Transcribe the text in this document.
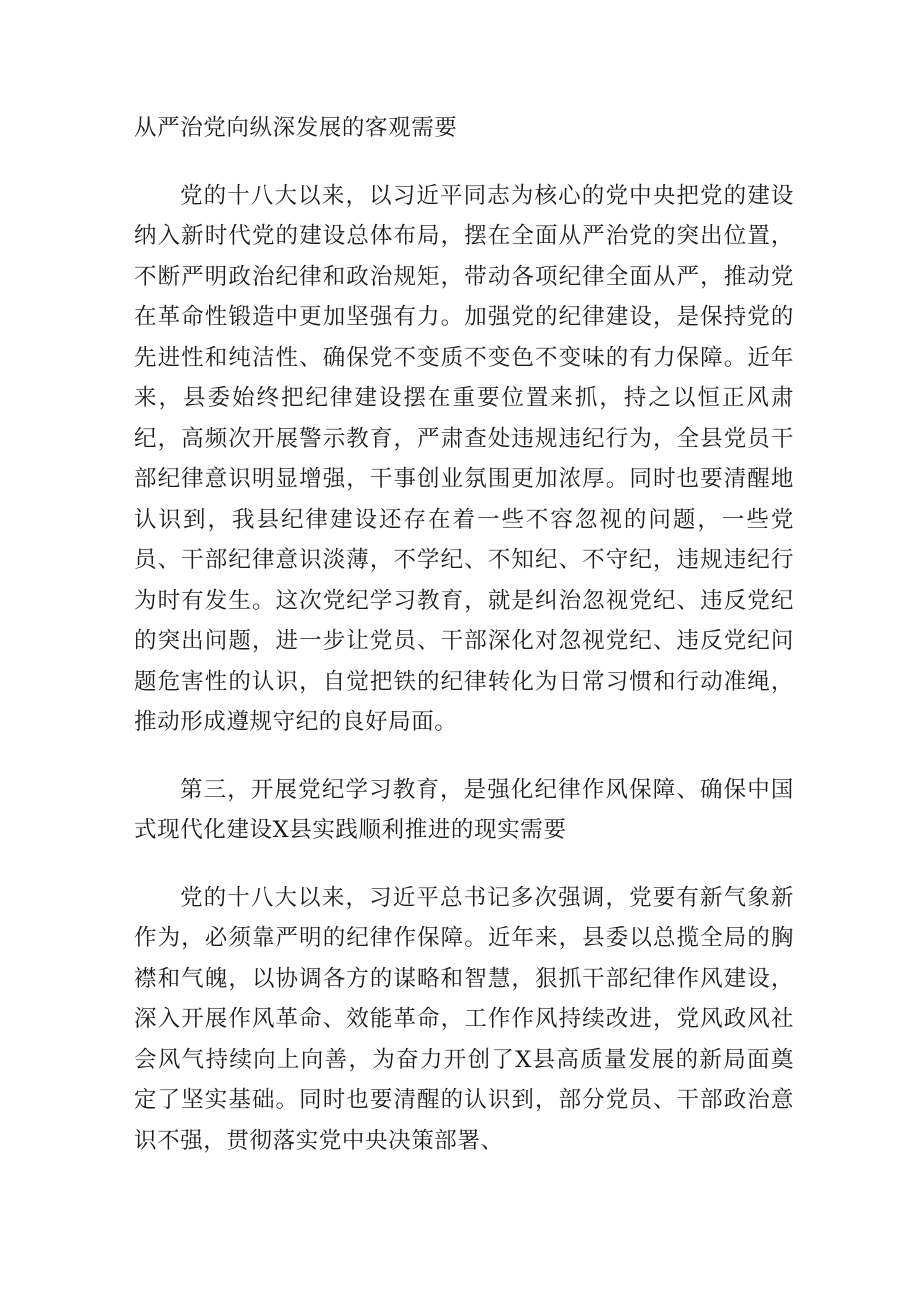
从严治党向纵深发展的客观需要

党的十八大以来，以习近平同志为核心的党中央把党的建设纳入新时代党的建设总体布局，摆在全面从严治党的突出位置，不断严明政治纪律和政治规矩，带动各项纪律全面从严，推动党在革命性锻造中更加坚强有力。加强党的纪律建设，是保持党的先进性和纯洁性、确保党不变质不变色不变味的有力保障。近年来，县委始终把纪律建设摆在重要位置来抓，持之以恒正风肃纪，高频次开展警示教育，严肃查处违规违纪行为，全县党员干部纪律意识明显增强，干事创业氛围更加浓厚。同时也要清醒地认识到，我县纪律建设还存在着一些不容忽视的问题，一些党员、干部纪律意识淡薄，不学纪、不知纪、不守纪，违规违纪行为时有发生。这次党纪学习教育，就是纠治忽视党纪、违反党纪的突出问题，进一步让党员、干部深化对忽视党纪、违反党纪问题危害性的认识，自觉把铁的纪律转化为日常习惯和行动准绳，推动形成遵规守纪的良好局面。

第三，开展党纪学习教育，是强化纪律作风保障、确保中国式现代化建设X县实践顺利推进的现实需要

党的十八大以来，习近平总书记多次强调，党要有新气象新作为，必须靠严明的纪律作保障。近年来，县委以总揽全局的胸襟和气魄，以协调各方的谋略和智慧，狠抓干部纪律作风建设，深入开展作风革命、效能革命，工作作风持续改进，党风政风社会风气持续向上向善，为奋力开创了X县高质量发展的新局面奠定了坚实基础。同时也要清醒的认识到，部分党员、干部政治意识不强，贯彻落实党中央决策部署、
